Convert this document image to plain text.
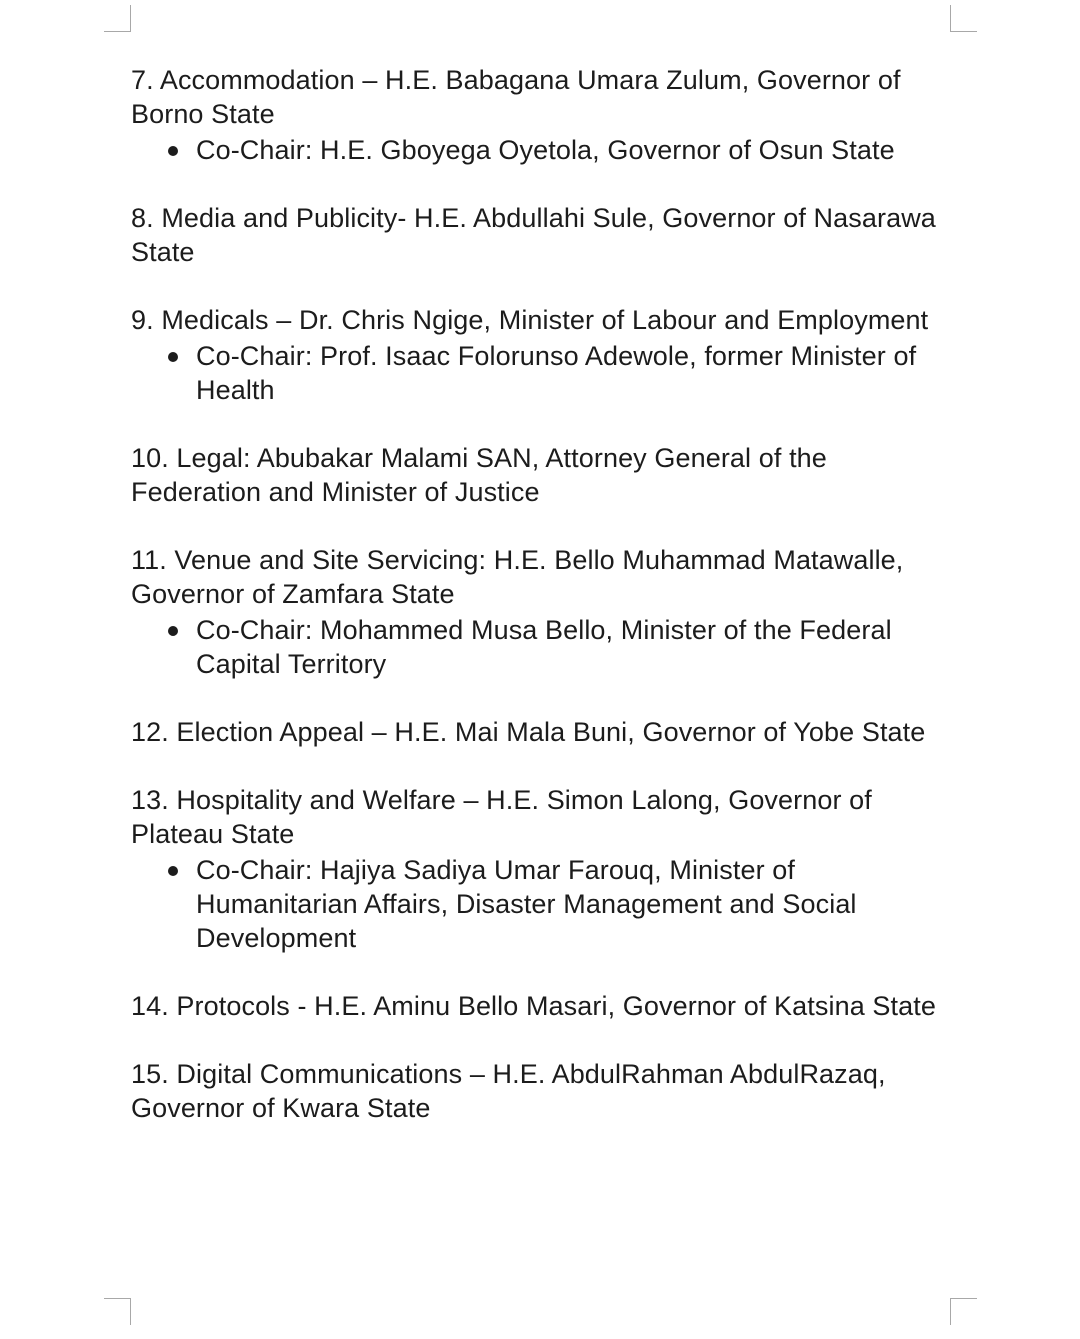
7. Accommodation – H.E. Babagana Umara Zulum, Governor of Borno State

Co-Chair: H.E. Gboyega Oyetola, Governor of Osun State

8. Media and Publicity- H.E. Abdullahi Sule, Governor of Nasarawa State

9. Medicals – Dr. Chris Ngige, Minister of Labour and Employment

Co-Chair: Prof. Isaac Folorunso Adewole, former Minister of Health

10. Legal: Abubakar Malami SAN, Attorney General of the Federation and Minister of Justice

11. Venue and Site Servicing: H.E. Bello Muhammad Matawalle, Governor of Zamfara State

Co-Chair: Mohammed Musa Bello, Minister of the Federal Capital Territory

12. Election Appeal – H.E. Mai Mala Buni, Governor of Yobe State

13. Hospitality and Welfare – H.E. Simon Lalong, Governor of Plateau State

Co-Chair: Hajiya Sadiya Umar Farouq, Minister of Humanitarian Affairs, Disaster Management and Social Development

14. Protocols - H.E. Aminu Bello Masari, Governor of Katsina State

15. Digital Communications – H.E. AbdulRahman AbdulRazaq, Governor of Kwara State
